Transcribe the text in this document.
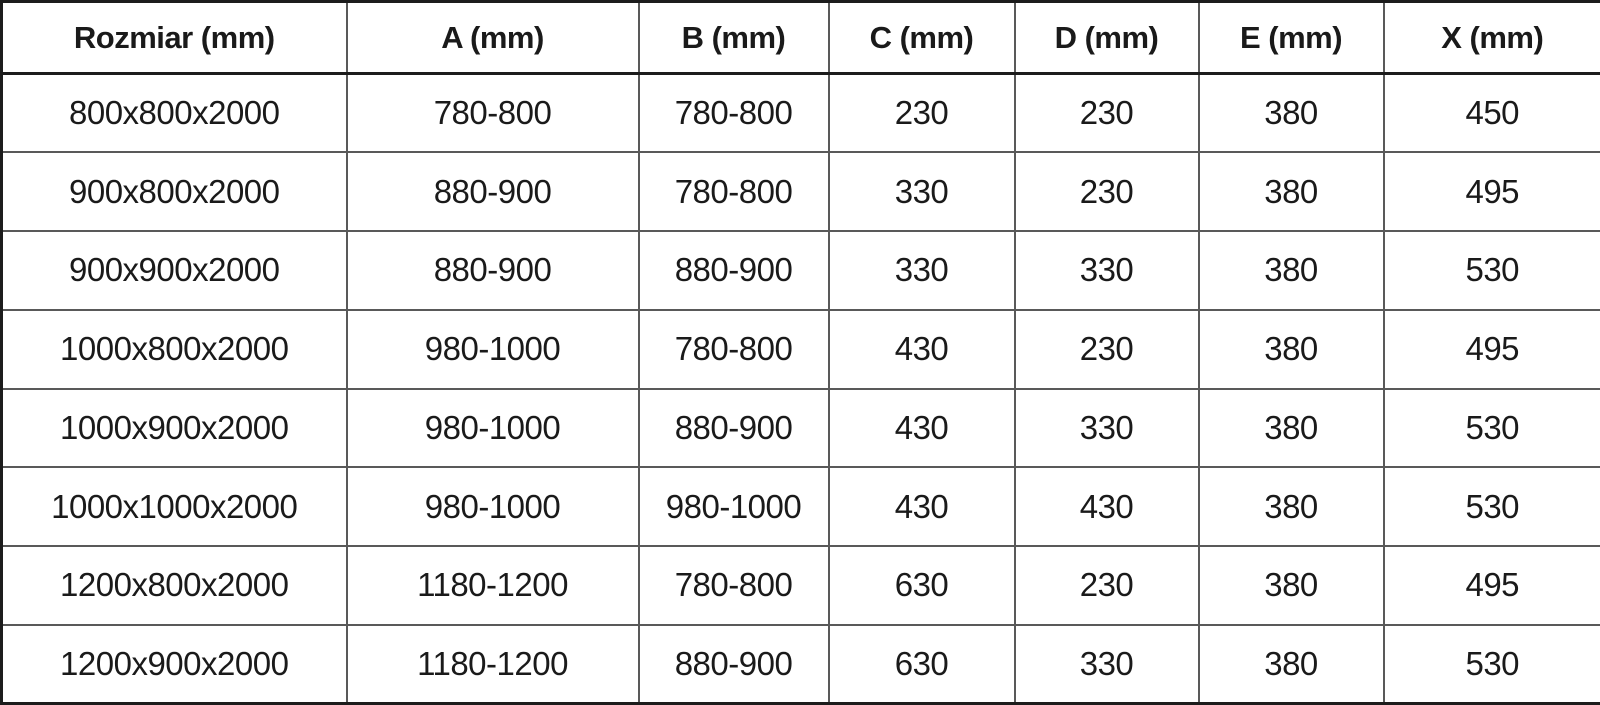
Rozmiar (mm)	A (mm)	B (mm)	C (mm)	D (mm)	E (mm)	X (mm)
800x800x2000	780-800	780-800	230	230	380	450
900x800x2000	880-900	780-800	330	230	380	495
900x900x2000	880-900	880-900	330	330	380	530
1000x800x2000	980-1000	780-800	430	230	380	495
1000x900x2000	980-1000	880-900	430	330	380	530
1000x1000x2000	980-1000	980-1000	430	430	380	530
1200x800x2000	1180-1200	780-800	630	230	380	495
1200x900x2000	1180-1200	880-900	630	330	380	530
